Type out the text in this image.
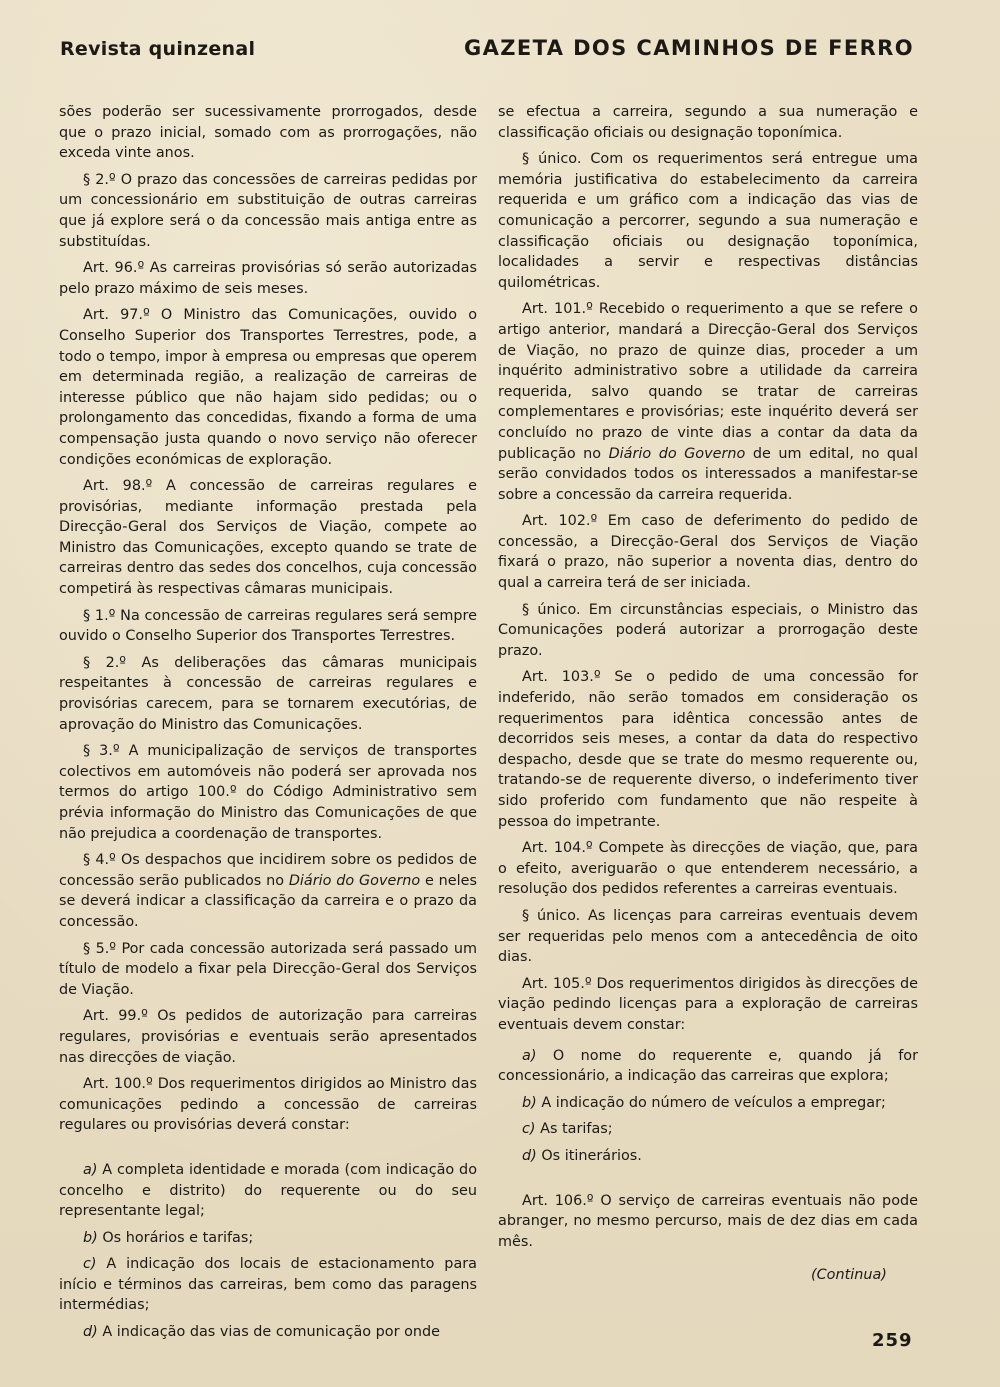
Revista quinzenal	GAZETA DOS CAMINHOS DE FERRO

sões poderão ser sucessivamente prorrogados, desde que o prazo inicial, somado com as prorrogações, não exceda vinte anos.

§ 2.º O prazo das concessões de carreiras pedidas por um concessionário em substituição de outras carreiras que já explore será o da concessão mais antiga entre as substituídas.

Art. 96.º As carreiras provisórias só serão autorizadas pelo prazo máximo de seis meses.

Art. 97.º O Ministro das Comunicações, ouvido o Conselho Superior dos Transportes Terrestres, pode, a todo o tempo, impor à empresa ou empresas que operem em determinada região, a realização de carreiras de interesse público que não hajam sido pedidas; ou o prolongamento das concedidas, fixando a forma de uma compensação justa quando o novo serviço não oferecer condições económicas de exploração.

Art. 98.º A concessão de carreiras regulares e provisórias, mediante informação prestada pela Direcção-Geral dos Serviços de Viação, compete ao Ministro das Comunicações, excepto quando se trate de carreiras dentro das sedes dos concelhos, cuja concessão competirá às respectivas câmaras municipais.

§ 1.º Na concessão de carreiras regulares será sempre ouvido o Conselho Superior dos Transportes Terrestres.

§ 2.º As deliberações das câmaras municipais respeitantes à concessão de carreiras regulares e provisórias carecem, para se tornarem executórias, de aprovação do Ministro das Comunicações.

§ 3.º A municipalização de serviços de transportes colectivos em automóveis não poderá ser aprovada nos termos do artigo 100.º do Código Administrativo sem prévia informação do Ministro das Comunicações de que não prejudica a coordenação de transportes.

§ 4.º Os despachos que incidirem sobre os pedidos de concessão serão publicados no Diário do Governo e neles se deverá indicar a classificação da carreira e o prazo da concessão.

§ 5.º Por cada concessão autorizada será passado um título de modelo a fixar pela Direcção-Geral dos Serviços de Viação.

Art. 99.º Os pedidos de autorização para carreiras regulares, provisórias e eventuais serão apresentados nas direcções de viação.

Art. 100.º Dos requerimentos dirigidos ao Ministro das comunicações pedindo a concessão de carreiras regulares ou provisórias deverá constar:

a) A completa identidade e morada (com indicação do concelho e distrito) do requerente ou do seu representante legal;

b) Os horários e tarifas;

c) A indicação dos locais de estacionamento para início e términos das carreiras, bem como das paragens intermédias;

d) A indicação das vias de comunicação por onde

se efectua a carreira, segundo a sua numeração e classificação oficiais ou designação toponímica.

§ único. Com os requerimentos será entregue uma memória justificativa do estabelecimento da carreira requerida e um gráfico com a indicação das vias de comunicação a percorrer, segundo a sua numeração e classificação oficiais ou designação toponímica, localidades a servir e respectivas distâncias quilométricas.

Art. 101.º Recebido o requerimento a que se refere o artigo anterior, mandará a Direcção-Geral dos Serviços de Viação, no prazo de quinze dias, proceder a um inquérito administrativo sobre a utilidade da carreira requerida, salvo quando se tratar de carreiras complementares e provisórias; este inquérito deverá ser concluído no prazo de vinte dias a contar da data da publicação no Diário do Governo de um edital, no qual serão convidados todos os interessados a manifestar-se sobre a concessão da carreira requerida.

Art. 102.º Em caso de deferimento do pedido de concessão, a Direcção-Geral dos Serviços de Viação fixará o prazo, não superior a noventa dias, dentro do qual a carreira terá de ser iniciada.

§ único. Em circunstâncias especiais, o Ministro das Comunicações poderá autorizar a prorrogação deste prazo.

Art. 103.º Se o pedido de uma concessão for indeferido, não serão tomados em consideração os requerimentos para idêntica concessão antes de decorridos seis meses, a contar da data do respectivo despacho, desde que se trate do mesmo requerente ou, tratando-se de requerente diverso, o indeferimento tiver sido proferido com fundamento que não respeite à pessoa do impetrante.

Art. 104.º Compete às direcções de viação, que, para o efeito, averiguarão o que entenderem necessário, a resolução dos pedidos referentes a carreiras eventuais.

§ único. As licenças para carreiras eventuais devem ser requeridas pelo menos com a antecedência de oito dias.

Art. 105.º Dos requerimentos dirigidos às direcções de viação pedindo licenças para a exploração de carreiras eventuais devem constar:

a) O nome do requerente e, quando já for concessionário, a indicação das carreiras que explora;

b) A indicação do número de veículos a empregar;

c) As tarifas;

d) Os itinerários.

Art. 106.º O serviço de carreiras eventuais não pode abranger, no mesmo percurso, mais de dez dias em cada mês.

(Continua)
259
